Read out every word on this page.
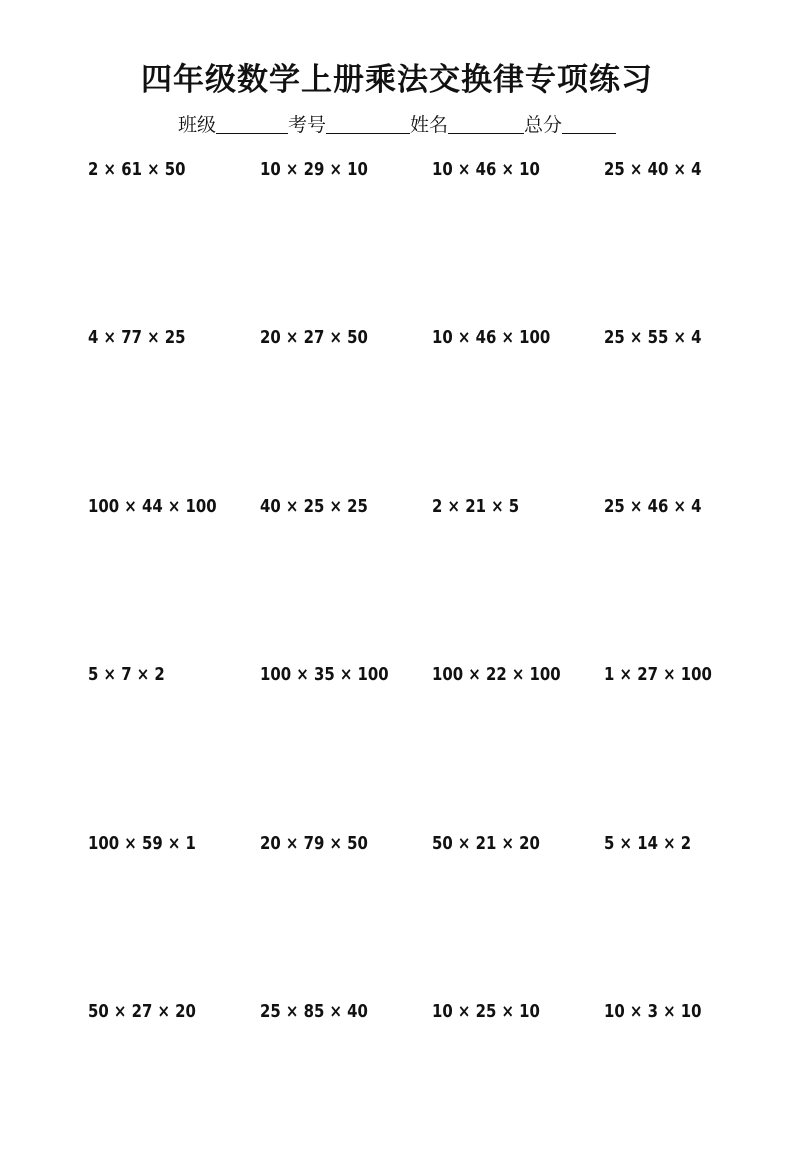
四年级数学上册乘法交换律专项练习
班级	考号	姓名	总分
2 × 61 × 50	10 × 29 × 10	10 × 46 × 10	25 × 40 × 4
4 × 77 × 25	20 × 27 × 50	10 × 46 × 100	25 × 55 × 4
100 × 44 × 100	40 × 25 × 25	2 × 21 × 5	25 × 46 × 4
5 × 7 × 2	100 × 35 × 100	100 × 22 × 100	1 × 27 × 100
100 × 59 × 1	20 × 79 × 50	50 × 21 × 20	5 × 14 × 2
50 × 27 × 20	25 × 85 × 40	10 × 25 × 10	10 × 3 × 10
